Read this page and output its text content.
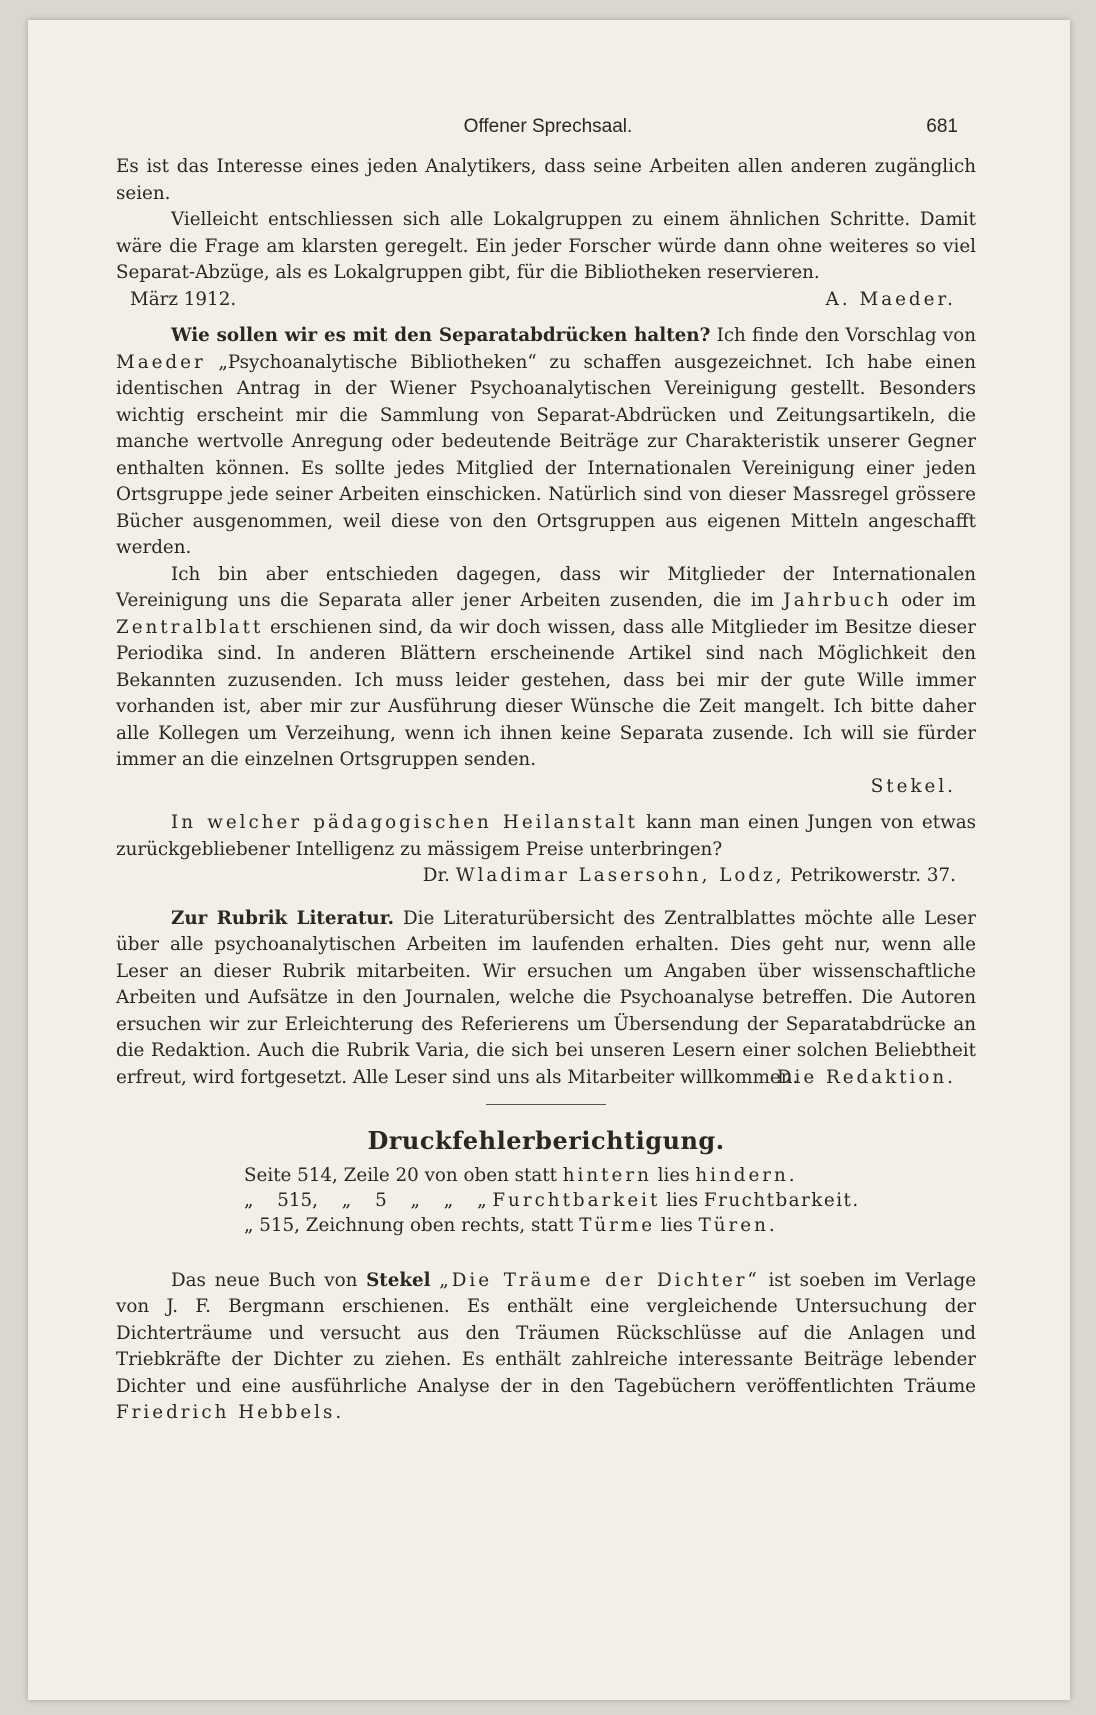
Offener Sprechsaal.	681

Es ist das Interesse eines jeden Analytikers, dass seine Arbeiten allen anderen zugänglich seien.

Vielleicht entschliessen sich alle Lokalgruppen zu einem ähnlichen Schritte. Damit wäre die Frage am klarsten geregelt. Ein jeder Forscher würde dann ohne weiteres so viel Separat-Abzüge, als es Lokalgruppen gibt, für die Bibliotheken reservieren.

März 1912.	A. Maeder.

Wie sollen wir es mit den Separatabdrücken halten? Ich finde den Vorschlag von Maeder „Psychoanalytische Bibliotheken“ zu schaffen ausgezeichnet. Ich habe einen identischen Antrag in der Wiener Psychoanalytischen Vereinigung gestellt. Besonders wichtig erscheint mir die Sammlung von Separat-Abdrücken und Zeitungsartikeln, die manche wertvolle Anregung oder bedeutende Beiträge zur Charakteristik unserer Gegner enthalten können. Es sollte jedes Mitglied der Internationalen Vereinigung einer jeden Ortsgruppe jede seiner Arbeiten einschicken. Natürlich sind von dieser Massregel grössere Bücher ausgenommen, weil diese von den Ortsgruppen aus eigenen Mitteln angeschafft werden.

Ich bin aber entschieden dagegen, dass wir Mitglieder der Internationalen Vereinigung uns die Separata aller jener Arbeiten zusenden, die im Jahrbuch oder im Zentralblatt erschienen sind, da wir doch wissen, dass alle Mitglieder im Besitze dieser Periodika sind. In anderen Blättern erscheinende Artikel sind nach Möglichkeit den Bekannten zuzusenden. Ich muss leider gestehen, dass bei mir der gute Wille immer vorhanden ist, aber mir zur Ausführung dieser Wünsche die Zeit mangelt. Ich bitte daher alle Kollegen um Verzeihung, wenn ich ihnen keine Separata zusende. Ich will sie fürder immer an die einzelnen Ortsgruppen senden.

Stekel.

In welcher pädagogischen Heilanstalt kann man einen Jungen von etwas zurückgebliebener Intelligenz zu mässigem Preise unterbringen?

Dr. Wladimar Lasersohn, Lodz, Petrikowerstr. 37.

Zur Rubrik Literatur. Die Literaturübersicht des Zentralblattes möchte alle Leser über alle psychoanalytischen Arbeiten im laufenden erhalten. Dies geht nur, wenn alle Leser an dieser Rubrik mitarbeiten. Wir ersuchen um Angaben über wissenschaftliche Arbeiten und Aufsätze in den Journalen, welche die Psychoanalyse betreffen. Die Autoren ersuchen wir zur Erleichterung des Referierens um Übersendung der Separatabdrücke an die Redaktion. Auch die Rubrik Varia, die sich bei unseren Lesern einer solchen Beliebtheit erfreut, wird fortgesetzt. Alle Leser sind uns als Mitarbeiter willkommen.

Die Redaktion.
Druckfehlerberichtigung.
Seite 514, Zeile 20 von oben statt hintern lies hindern.
„ 515, „ 5 „ „ „ Furchtbarkeit lies Fruchtbarkeit.
„ 515, Zeichnung oben rechts, statt Türme lies Türen.

Das neue Buch von Stekel „Die Träume der Dichter“ ist soeben im Verlage von J. F. Bergmann erschienen. Es enthält eine vergleichende Untersuchung der Dichterträume und versucht aus den Träumen Rückschlüsse auf die Anlagen und Triebkräfte der Dichter zu ziehen. Es enthält zahlreiche interessante Beiträge lebender Dichter und eine ausführliche Analyse der in den Tagebüchern veröffentlichten Träume Friedrich Hebbels.
